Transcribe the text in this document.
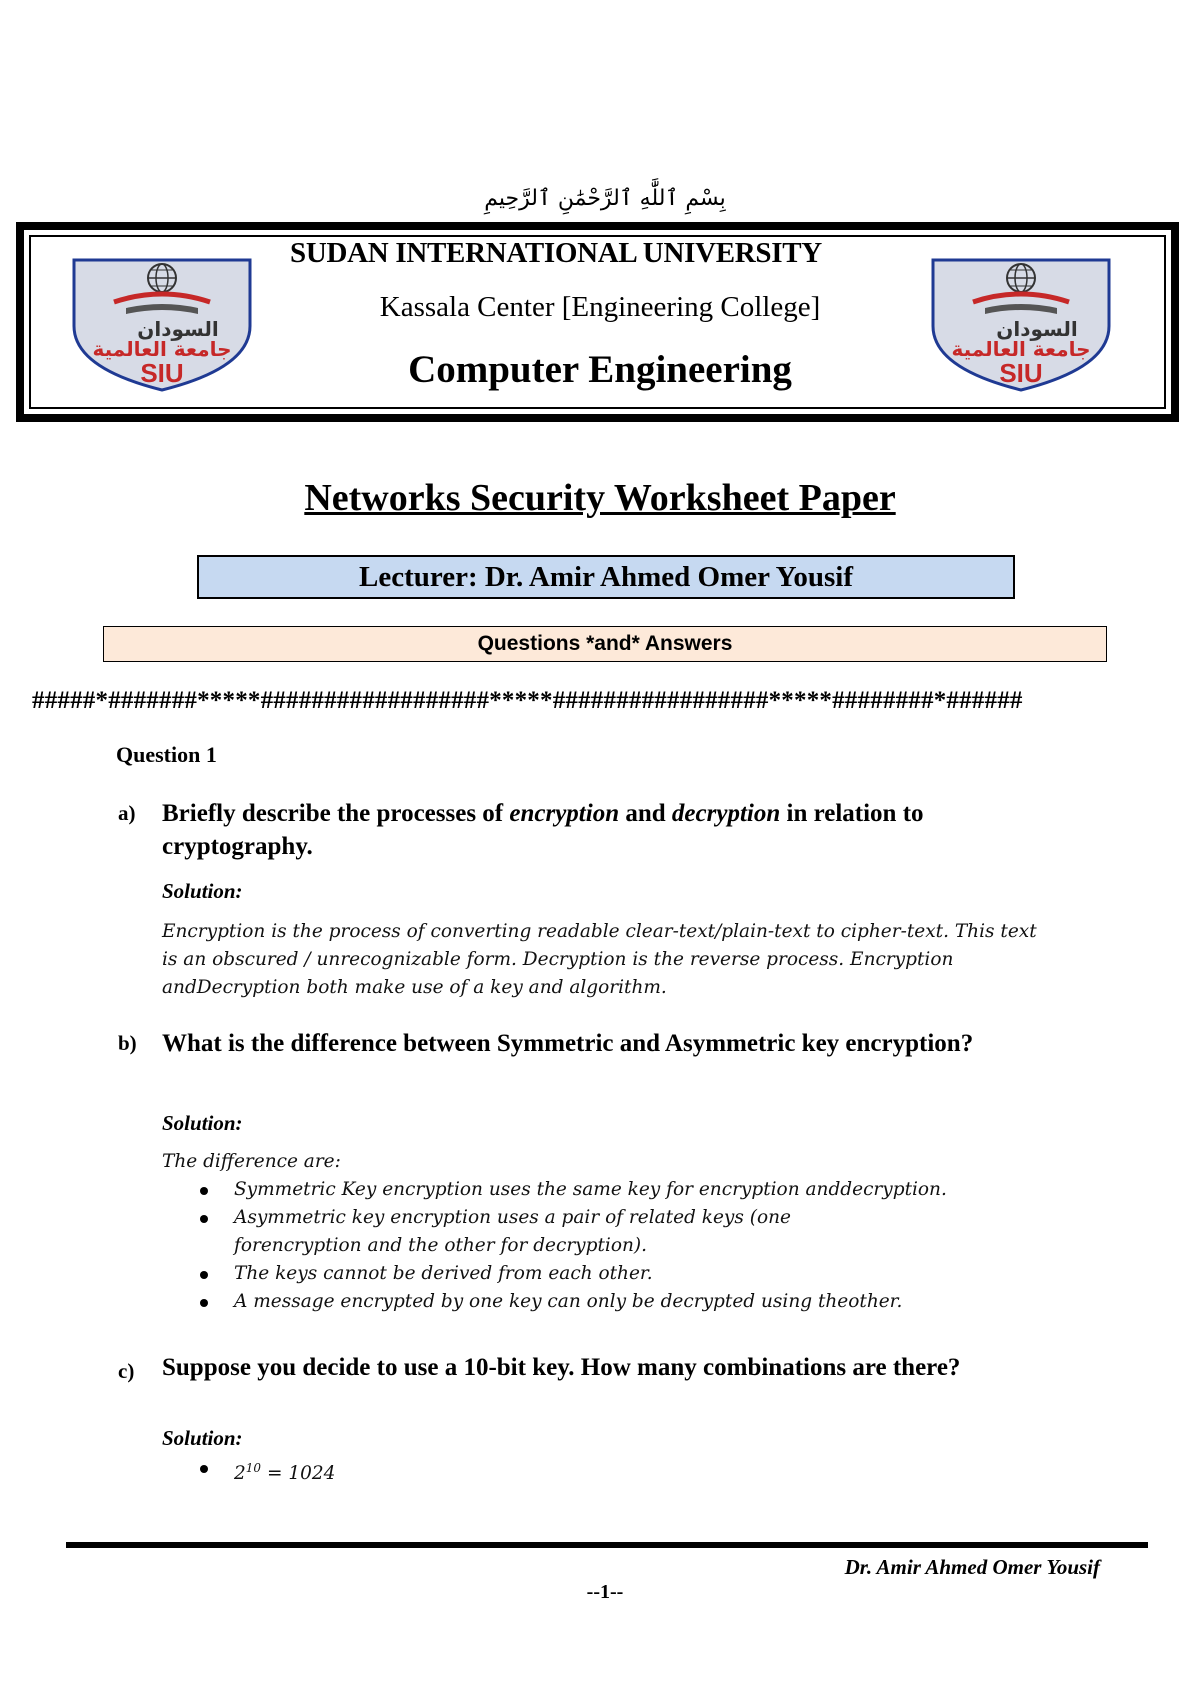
بِسْمِ ٱللَّٰهِ ٱلرَّحْمَٰنِ ٱلرَّحِيمِ
السودان
جامعة العالمية
SIU
السودان
جامعة العالمية
SIU
SUDAN INTERNATIONAL UNIVERSITY
Kassala Center [Engineering College]
Computer Engineering
Networks Security Worksheet Paper
Lecturer: Dr. Amir Ahmed Omer Yousif
Questions *and* Answers
#####*#######*****##################*****#################*****########*######
Question 1
a) Briefly describe the processes of encryption and decryption in relation to cryptography.
Solution:
Encryption is the process of converting readable clear-text/plain-text to cipher-text. This text is an obscured / unrecognizable form. Decryption is the reverse process. Encryption andDecryption both make use of a key and algorithm.
b) What is the difference between Symmetric and Asymmetric key encryption?
Solution:
The difference are:
Symmetric Key encryption uses the same key for encryption anddecryption.
Asymmetric key encryption uses a pair of related keys (one forencryption and the other for decryption).
The keys cannot be derived from each other.
A message encrypted by one key can only be decrypted using theother.
c) Suppose you decide to use a 10-bit key. How many combinations are there?
Solution:
$2^{10} = 1024$
Dr. Amir Ahmed Omer Yousif
--1--
